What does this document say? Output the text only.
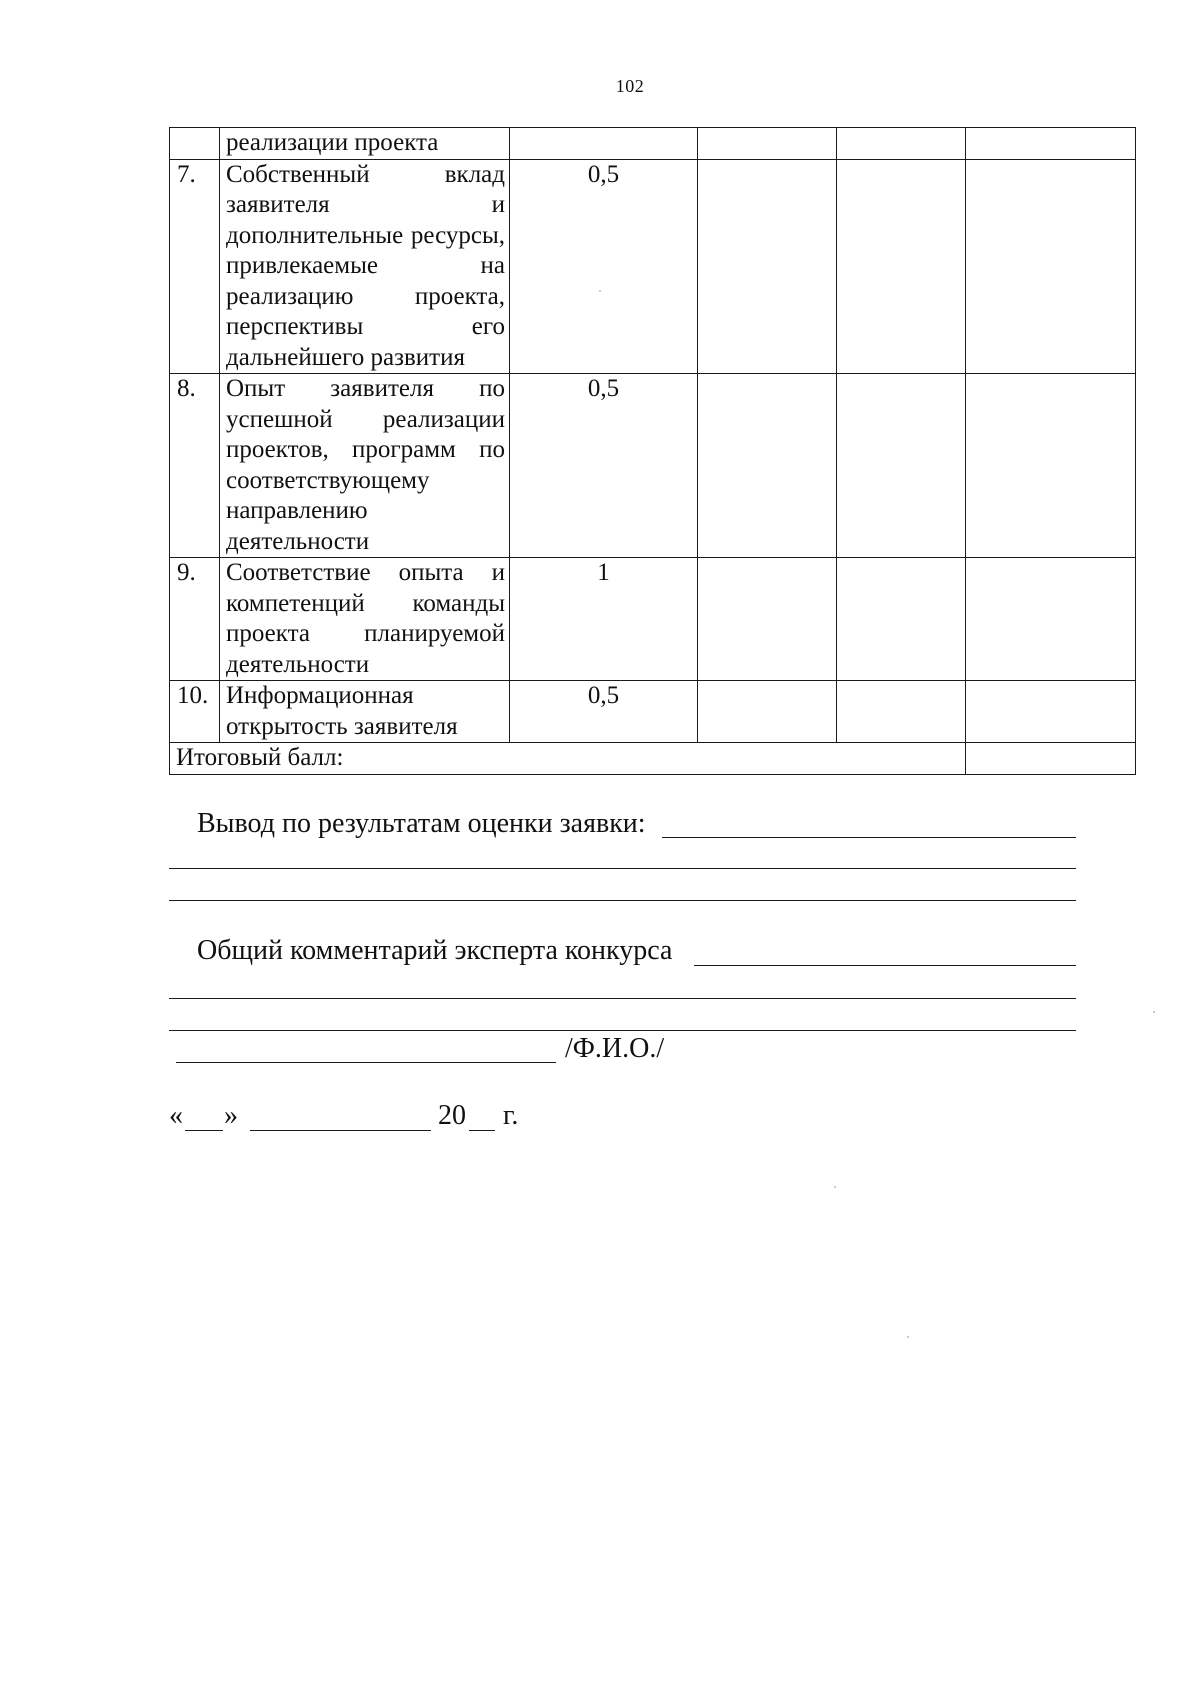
102
	реализации проекта				
7.	Собственный вклад заявителя и дополнительные ресурсы, привлекаемые на реализацию проекта, перспективы его дальнейшего развития	0,5			
8.	Опыт заявителя по успешной реализации проектов, программ по соответствующему направлению деятельности	0,5			
9.	Соответствие опыта и компетенций команды проекта планируемой деятельности	1			
10.	Информационная открытость заявителя	0,5			
Итоговый балл:					
Вывод по результатам оценки заявки:
Общий комментарий эксперта конкурса
/Ф.И.О./
« »	20 г.
